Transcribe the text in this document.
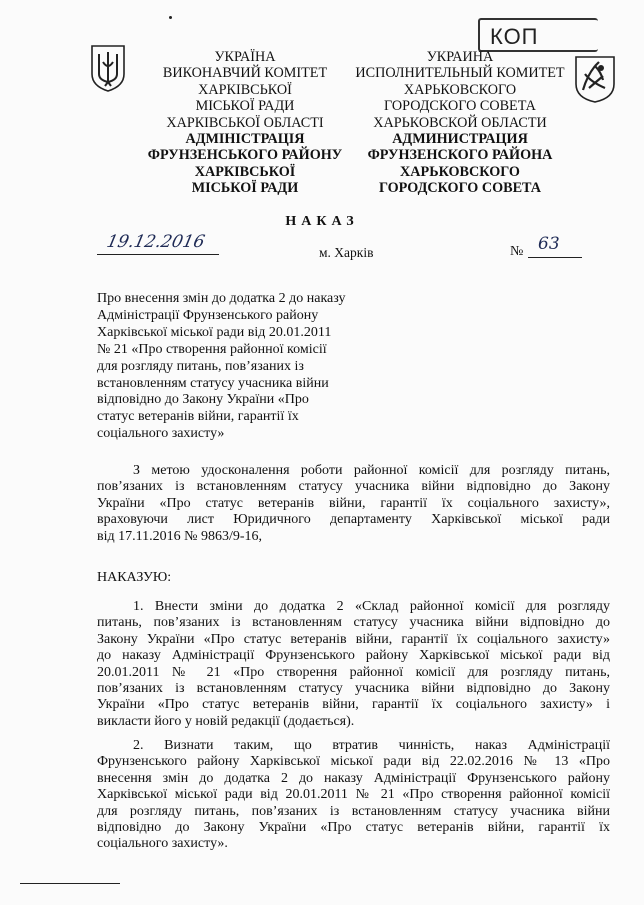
КОП
УКРАЇНА
ВИКОНАВЧИЙ КОМІТЕТ
ХАРКІВСЬКОЇ
МІСЬКОЇ РАДИ
ХАРКІВСЬКОЇ ОБЛАСТІ
АДМІНІСТРАЦІЯ
ФРУНЗЕНСЬКОГО РАЙОНУ
ХАРКІВСЬКОЇ
МІСЬКОЇ РАДИ
УКРАИНА
ИСПОЛНИТЕЛЬНЫЙ КОМИТЕТ
ХАРЬКОВСКОГО
ГОРОДСКОГО СОВЕТА
ХАРЬКОВСКОЙ ОБЛАСТИ
АДМИНИСТРАЦИЯ
ФРУНЗЕНСКОГО РАЙОНА
ХАРЬКОВСКОГО
ГОРОДСКОГО СОВЕТА
НАКАЗ
19.12.2016
м. Харків	№ 63
Про внесення змін до додатка 2 до наказу
Адміністрації Фрунзенського району
Харківської міської ради від 20.01.2011
№ 21 «Про створення районної комісії
для розгляду питань, пов’язаних із
встановленням статусу учасника війни
відповідно до Закону України «Про
статус ветеранів війни, гарантії їх
соціального захисту»
З метою удосконалення роботи районної комісії для розгляду питань,
пов’язаних із встановленням статусу учасника війни відповідно до Закону
України «Про статус ветеранів війни, гарантії їх соціального захисту»,
враховуючи лист Юридичного департаменту Харківської міської ради
від 17.11.2016 № 9863/9-16,
НАКАЗУЮ:
1. Внести зміни до додатка 2 «Склад районної комісії для розгляду
питань, пов’язаних із встановленням статусу учасника війни відповідно до
Закону України «Про статус ветеранів війни, гарантії їх соціального захисту»
до наказу Адміністрації Фрунзенського району Харківської міської ради від
20.01.2011 № 21 «Про створення районної комісії для розгляду питань,
пов’язаних із встановленням статусу учасника війни відповідно до Закону
України «Про статус ветеранів війни, гарантії їх соціального захисту» і
викласти його у новій редакції (додається).
2. Визнати таким, що втратив чинність, наказ Адміністрації
Фрунзенського району Харківської міської ради від 22.02.2016 № 13 «Про
внесення змін до додатка 2 до наказу Адміністрації Фрунзенського району
Харківської міської ради від 20.01.2011 № 21 «Про створення районної комісії
для розгляду питань, пов’язаних із встановленням статусу учасника війни
відповідно до Закону України «Про статус ветеранів війни, гарантії їх
соціального захисту».
